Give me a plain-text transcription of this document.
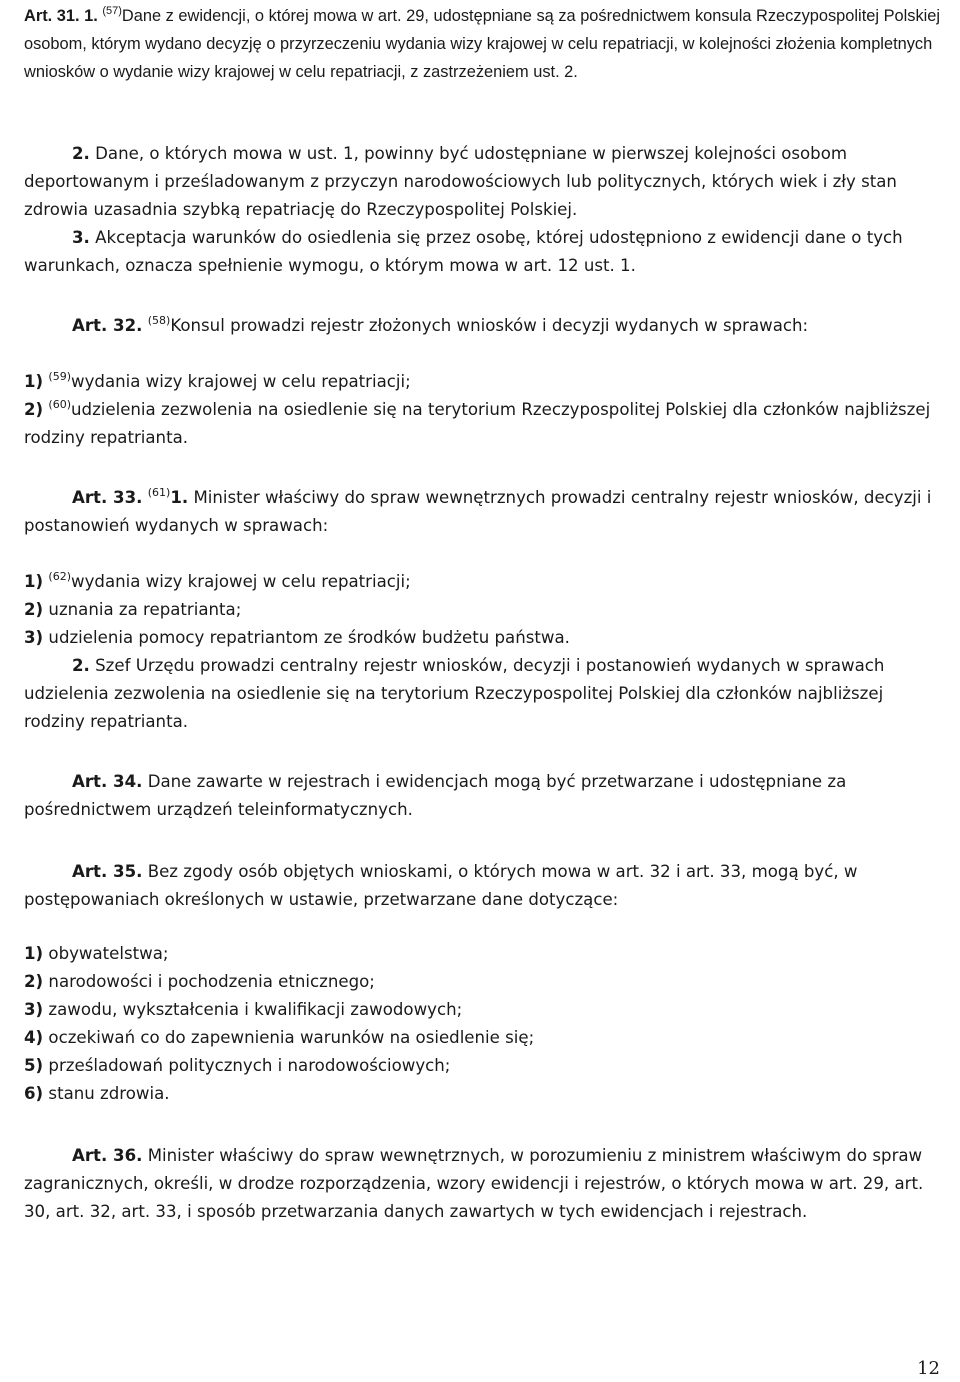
Art. 31. 1. $^{(57)}$Dane z ewidencji, o której mowa w art. 29, udostępniane są za pośrednictwem konsula Rzeczypospolitej Polskiej osobom, którym wydano decyzję o przyrzeczeniu wydania wizy krajowej w celu repatriacji, w kolejności złożenia kompletnych wniosków o wydanie wizy krajowej w celu repatriacji, z zastrzeżeniem ust. 2.
2. Dane, o których mowa w ust. 1, powinny być udostępniane w pierwszej kolejności osobom deportowanym i prześladowanym z przyczyn narodowościowych lub politycznych, których wiek i zły stan zdrowia uzasadnia szybką repatriację do Rzeczypospolitej Polskiej.
3. Akceptacja warunków do osiedlenia się przez osobę, której udostępniono z ewidencji dane o tych warunkach, oznacza spełnienie wymogu, o którym mowa w art. 12 ust. 1.
Art. 32. $^{(58)}$Konsul prowadzi rejestr złożonych wniosków i decyzji wydanych w sprawach:
1) $^{(59)}$wydania wizy krajowej w celu repatriacji;
2) $^{(60)}$udzielenia zezwolenia na osiedlenie się na terytorium Rzeczypospolitej Polskiej dla członków najbliższej rodziny repatrianta.
Art. 33. $^{(61)}$1. Minister właściwy do spraw wewnętrznych prowadzi centralny rejestr wniosków, decyzji i postanowień wydanych w sprawach:
1) $^{(62)}$wydania wizy krajowej w celu repatriacji;
2) uznania za repatrianta;
3) udzielenia pomocy repatriantom ze środków budżetu państwa.
2. Szef Urzędu prowadzi centralny rejestr wniosków, decyzji i postanowień wydanych w sprawach udzielenia zezwolenia na osiedlenie się na terytorium Rzeczypospolitej Polskiej dla członków najbliższej rodziny repatrianta.
Art. 34. Dane zawarte w rejestrach i ewidencjach mogą być przetwarzane i udostępniane za pośrednictwem urządzeń teleinformatycznych.
Art. 35. Bez zgody osób objętych wnioskami, o których mowa w art. 32 i art. 33, mogą być, w postępowaniach określonych w ustawie, przetwarzane dane dotyczące:
1) obywatelstwa;
2) narodowości i pochodzenia etnicznego;
3) zawodu, wykształcenia i kwalifikacji zawodowych;
4) oczekiwań co do zapewnienia warunków na osiedlenie się;
5) prześladowań politycznych i narodowościowych;
6) stanu zdrowia.
Art. 36. Minister właściwy do spraw wewnętrznych, w porozumieniu z ministrem właściwym do spraw zagranicznych, określi, w drodze rozporządzenia, wzory ewidencji i rejestrów, o których mowa w art. 29, art. 30, art. 32, art. 33, i sposób przetwarzania danych zawartych w tych ewidencjach i rejestrach.
12
